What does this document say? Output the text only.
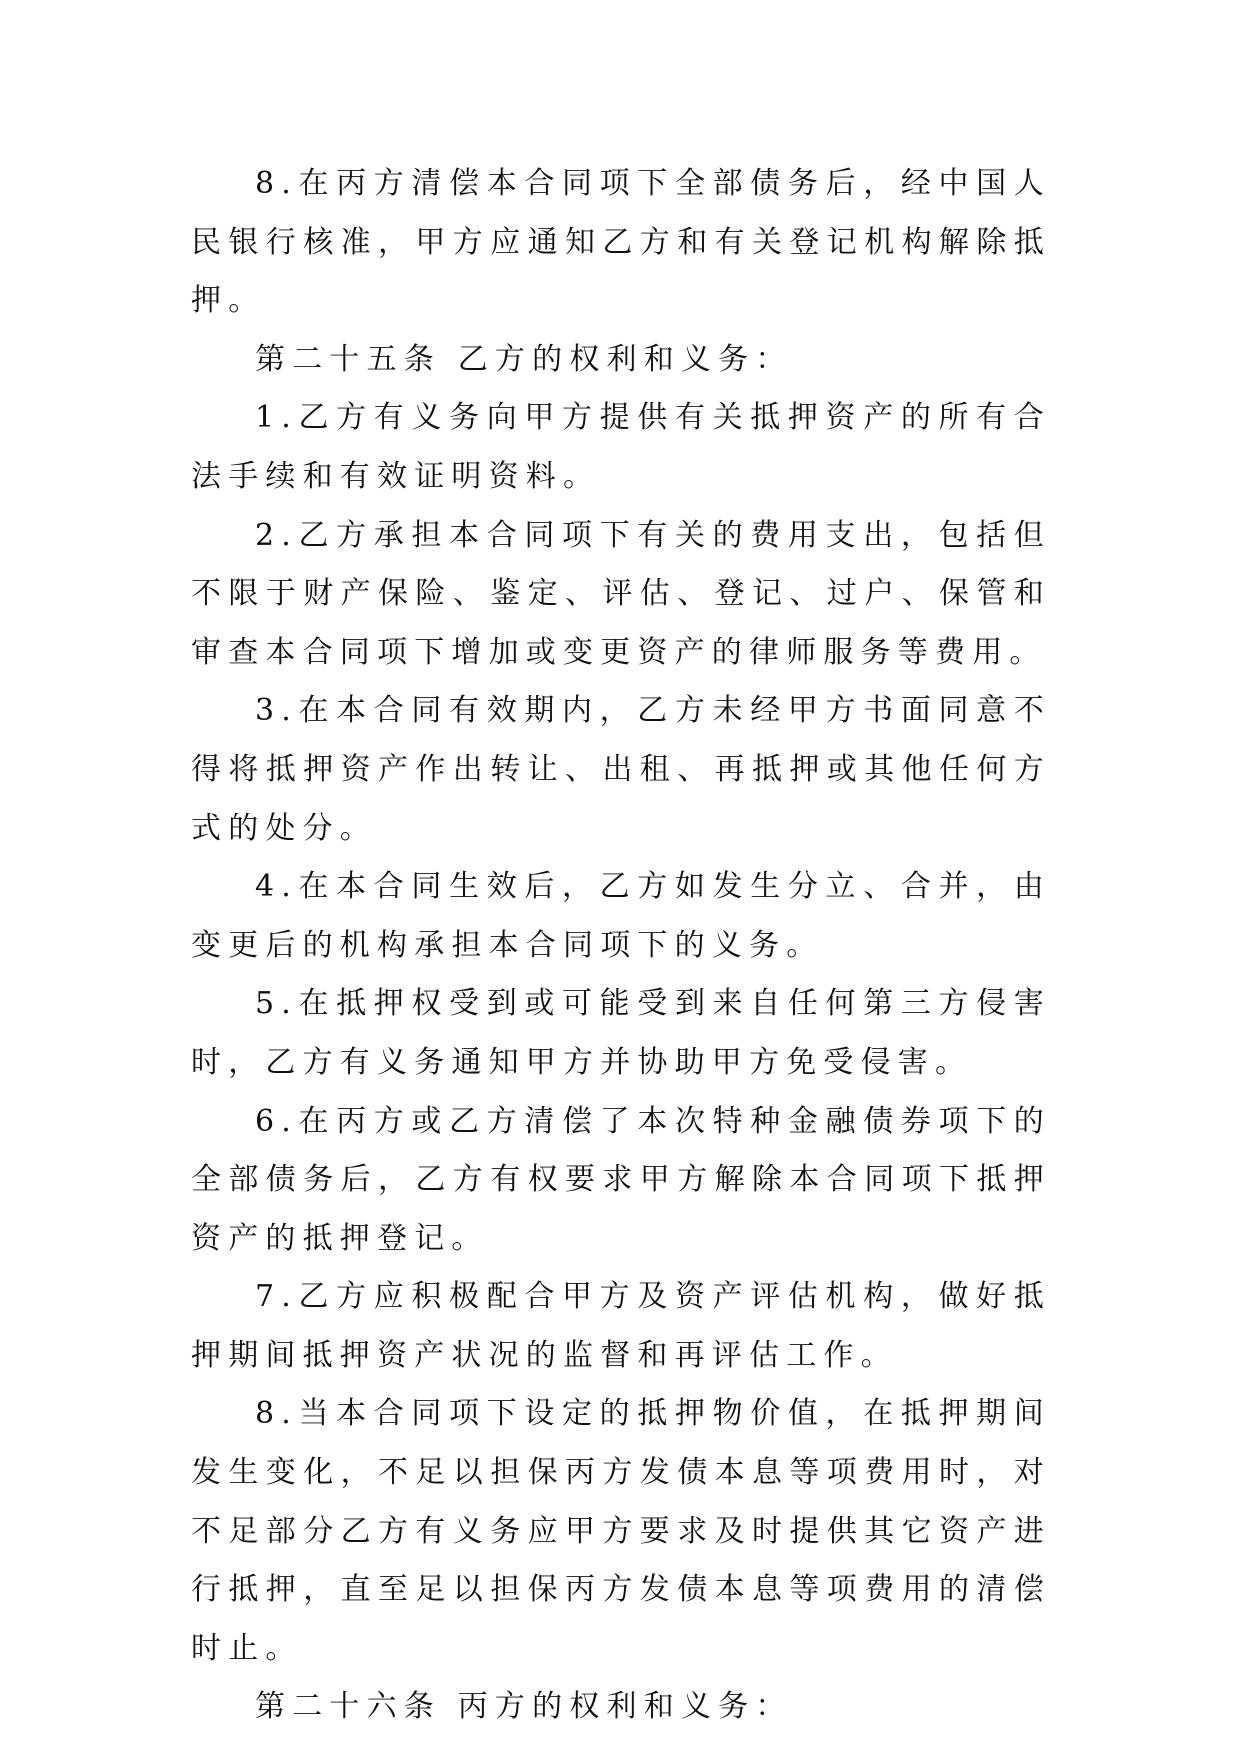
8.在丙方清偿本合同项下全部债务后，经中国人民银行核准，甲方应通知乙方和有关登记机构解除抵押。

第二十五条 乙方的权利和义务：

1.乙方有义务向甲方提供有关抵押资产的所有合法手续和有效证明资料。

2.乙方承担本合同项下有关的费用支出，包括但不限于财产保险、鉴定、评估、登记、过户、保管和审查本合同项下增加或变更资产的律师服务等费用。

3.在本合同有效期内，乙方未经甲方书面同意不得将抵押资产作出转让、出租、再抵押或其他任何方式的处分。

4.在本合同生效后，乙方如发生分立、合并，由变更后的机构承担本合同项下的义务。

5.在抵押权受到或可能受到来自任何第三方侵害时，乙方有义务通知甲方并协助甲方免受侵害。

6.在丙方或乙方清偿了本次特种金融债券项下的全部债务后，乙方有权要求甲方解除本合同项下抵押资产的抵押登记。

7.乙方应积极配合甲方及资产评估机构，做好抵押期间抵押资产状况的监督和再评估工作。

8.当本合同项下设定的抵押物价值，在抵押期间发生变化，不足以担保丙方发债本息等项费用时，对不足部分乙方有义务应甲方要求及时提供其它资产进行抵押，直至足以担保丙方发债本息等项费用的清偿时止。

第二十六条 丙方的权利和义务：
